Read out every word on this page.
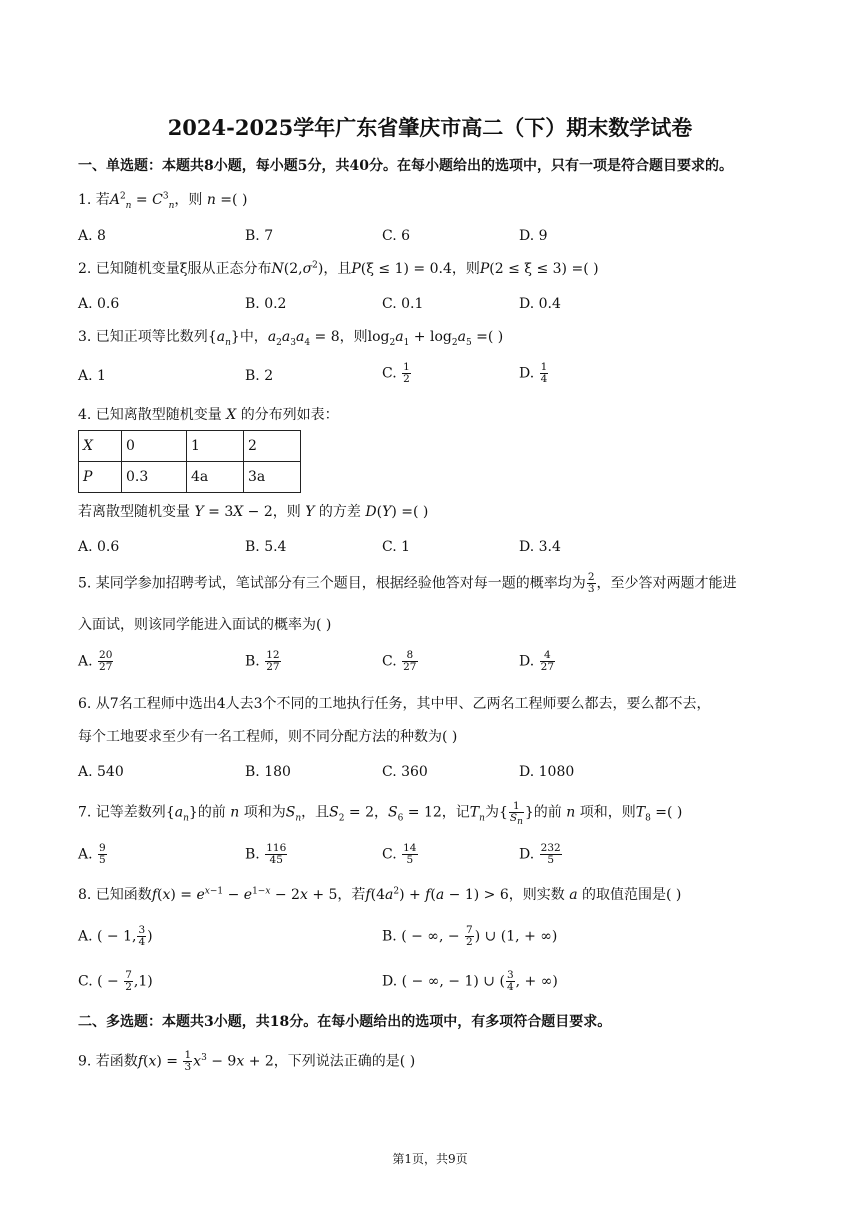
2024-2025学年广东省肇庆市高二（下）期末数学试卷
一、单选题：本题共8小题，每小题5分，共40分。在每小题给出的选项中，只有一项是符合题目要求的。
1. 若$A^2_n = C^3_n$，则 n =( )
A. 8	B. 7	C. 6	D. 9
2. 已知随机变量ξ服从正态分布$N(2,\sigma^2)$，且P(ξ ≤ 1) = 0.4，则P(2 ≤ ξ ≤ 3) =( )
A. 0.6	B. 0.2	C. 0.1	D. 0.4
3. 已知正项等比数列$\{a_n\}$中，$a_2a_3a_4 = 8$，则$\log_2a_1 + \log_2a_5$ =( )
A. 1	B. 2	C. $\frac{1}{2}$	D. $\frac{1}{4}$
4. 已知离散型随机变量 X 的分布列如表：
X	0	1	2
P	0.3	4a	3a
若离散型随机变量 Y = 3X − 2，则 Y 的方差 D(Y) =( )
A. 0.6	B. 5.4	C. 1	D. 3.4
5. 某同学参加招聘考试，笔试部分有三个题目，根据经验他答对每一题的概率均为 $\frac{2}{3}$ ，至少答对两题才能进
入面试，则该同学能进入面试的概率为( )
A. $\frac{20}{27}$	B. $\frac{12}{27}$	C. $\frac{8}{27}$	D. $\frac{4}{27}$
6. 从7名工程师中选出4人去3个不同的工地执行任务，其中甲、乙两名工程师要么都去，要么都不去，
每个工地要求至少有一名工程师，则不同分配方法的种数为( )
A. 540	B. 180	C. 360	D. 1080
7. 记等差数列$\{a_n\}$的前 n 项和为$S_n$，且$S_2 = 2$，$S_6 = 12$，记$T_n$为{ $\frac{1}{S_n}$ }的前 n 项和，则$T_8$ =( )
A. $\frac{9}{5}$	B. $\frac{116}{45}$	C. $\frac{14}{5}$	D. $\frac{232}{5}$
8. 已知函数$f(x) = e^{x-1} - e^{1-x} - 2x + 5$，若$f(4a^2) + f(a - 1) > 6$，则实数 a 的取值范围是( )
A. ( − 1, $\frac{3}{4}$ )	B. ( − ∞, − $\frac{7}{2}$ ) ∪ (1, + ∞)
C. ( − $\frac{7}{2} ,1$)	D. ( − ∞, − 1) ∪ ( $\frac{3}{4}$ , + ∞)
二、多选题：本题共3小题，共18分。在每小题给出的选项中，有多项符合题目要求。
9. 若函数$f(x) = \frac{1}{3} x^3 - 9x + 2$，下列说法正确的是( )
第1页，共9页
